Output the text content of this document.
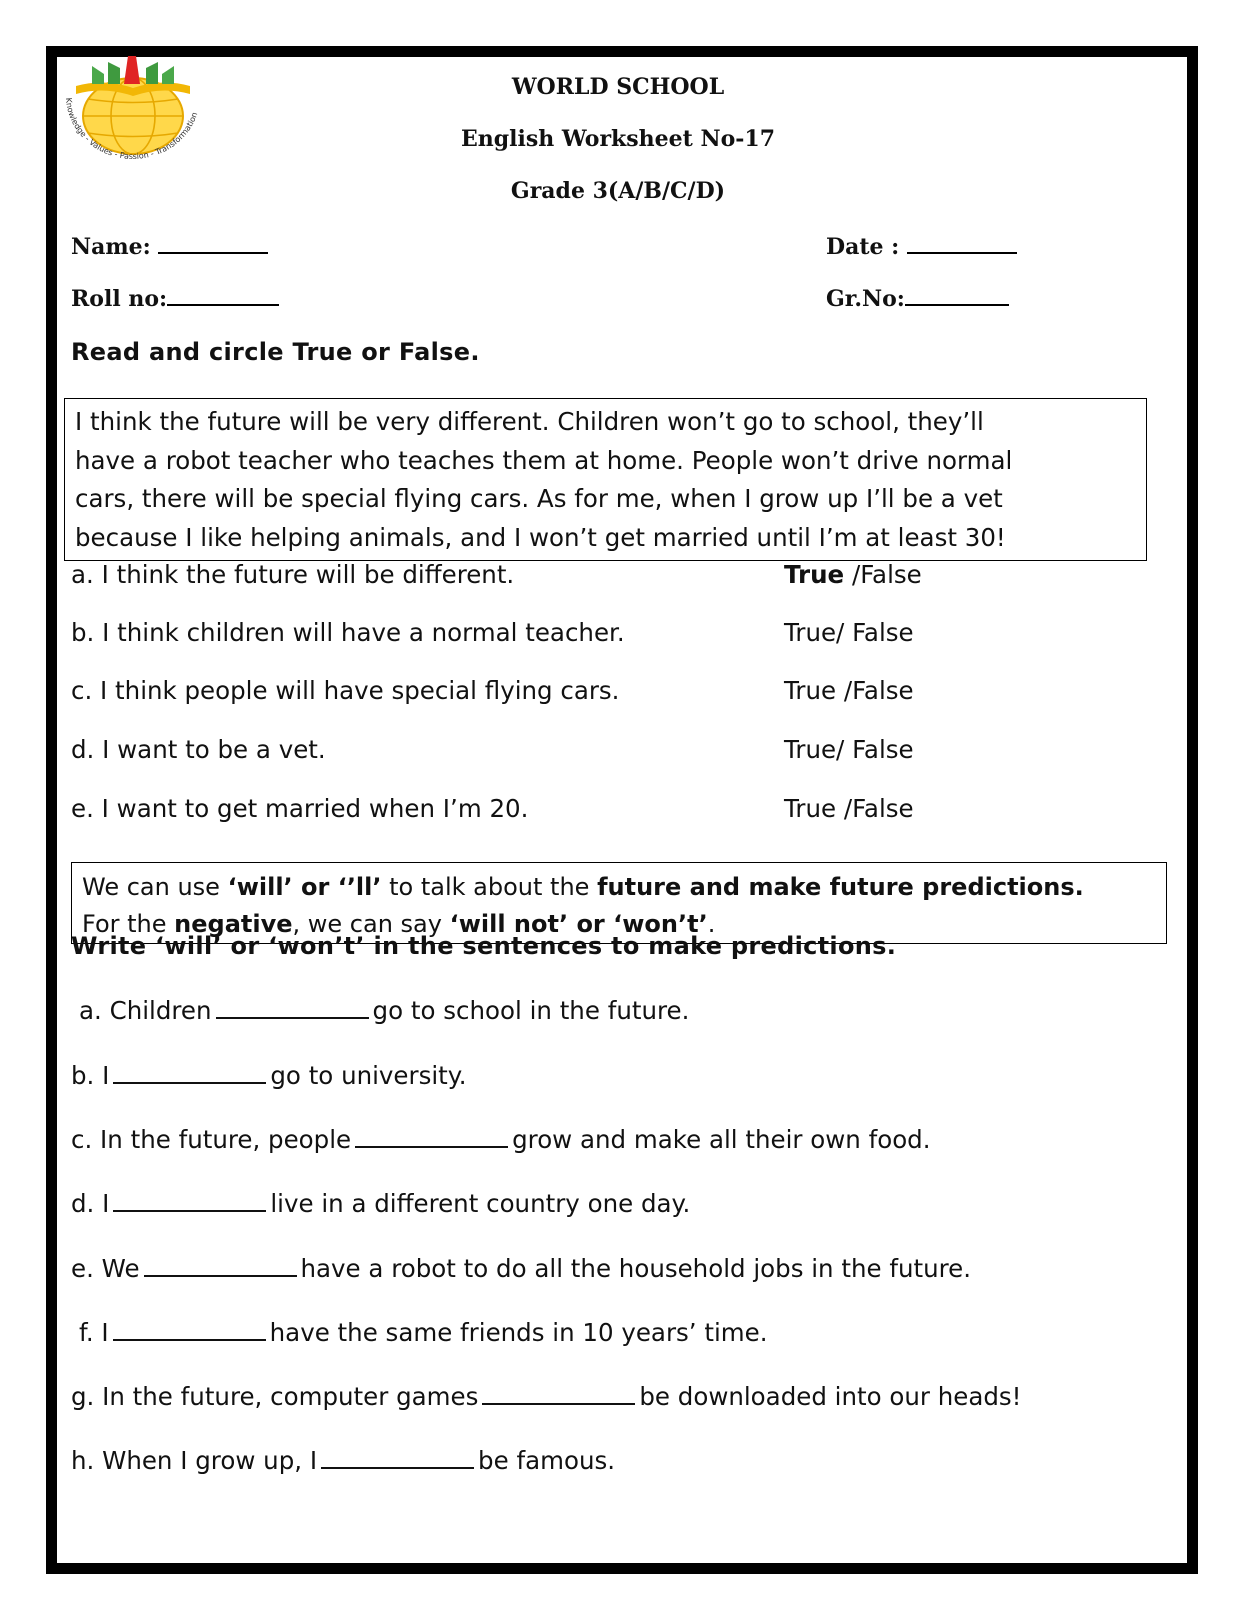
Knowledge - Values - Passion - Transformation
WORLD SCHOOL
English Worksheet No-17
Grade 3(A/B/C/D)
Name:	Date :
Roll no:	Gr.No:
Read and circle True or False.
I think the future will be very different. Children won’t go to school, they’ll
have a robot teacher who teaches them at home. People won’t drive normal
cars, there will be special flying cars. As for me, when I grow up I’ll be a vet
because I like helping animals, and I won’t get married until I’m at least 30!
a. I think the future will be different.	True /False
b. I think children will have a normal teacher.	True/ False
c. I think people will have special flying cars.	True /False
d. I want to be a vet.	True/ False
e. I want to get married when I’m 20.	True /False
We can use ‘will’ or ‘’ll’ to talk about the future and make future predictions.
For the negative, we can say ‘will not’ or ‘won’t’.
Write ‘will’ or ‘won’t’ in the sentences to make predictions.
a. Children	go to school in the future.
b. I	go to university.
c. In the future, people	grow and make all their own food.
d. I	live in a different country one day.
e. We	have a robot to do all the household jobs in the future.
f. I	have the same friends in 10 years’ time.
g. In the future, computer games	be downloaded into our heads!
h. When I grow up, I	be famous.
